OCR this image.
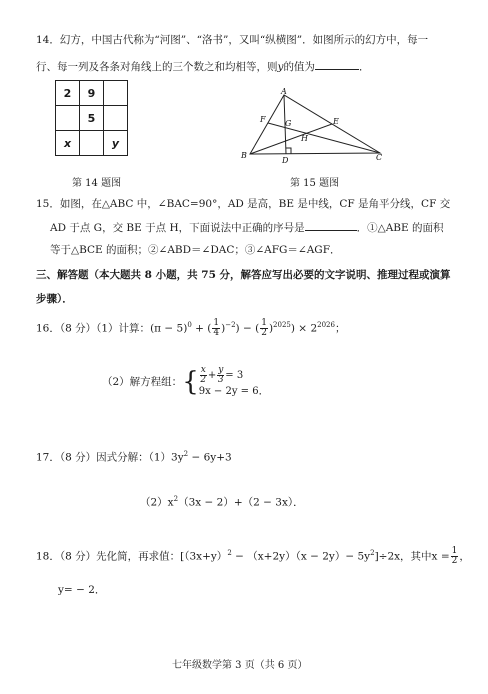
14．幻方，中国古代称为“河图”、“洛书”，又叫“纵横图”．如图所示的幻方中，每一
行、每一列及各条对角线上的三个数之和均相等，则y的值为	．
2	9	
	5	
x		y
第 14 题图
A
B	C
D
E
F G
H
第 15 题图
15．如图，在△ABC 中，∠BAC=90°，AD 是高，BE 是中线，CF 是角平分线，CF 交
AD 于点 G，交 BE 于点 H，下面说法中正确的序号是	．①△ABE 的面积
等于△BCE 的面积；②∠ABD＝∠DAC；③∠AFG＝∠AGF．
三、解答题（本大题共 8 小题，共 75 分，解答应写出必要的文字说明、推理过程或演算
步骤）．
16．（8 分）（1）计算：$(\pi - 5)^0$ + ( $\frac{1}{4} )^{-2}$) − ( $\frac{1}{2} )^{2025}) \times 2^{2026}$；
（2）解方程组：{ $\frac{x}{2} + \frac{y}{3} = 3$
9x − 2y = 6 ．
17．（8 分）因式分解：$(1)3y^2 - 6y+3$
$(2)x^2(3x - 2)+(2 - 3x)$．
18．（8 分）先化简，再求值：$[(3x+y)^2 - (x+2y)(x - 2y)- 5y^2]\div 2x$，其中$x = \frac{1}{2}$ ，
y= − 2．
七年级数学第 3 页（共 6 页）
